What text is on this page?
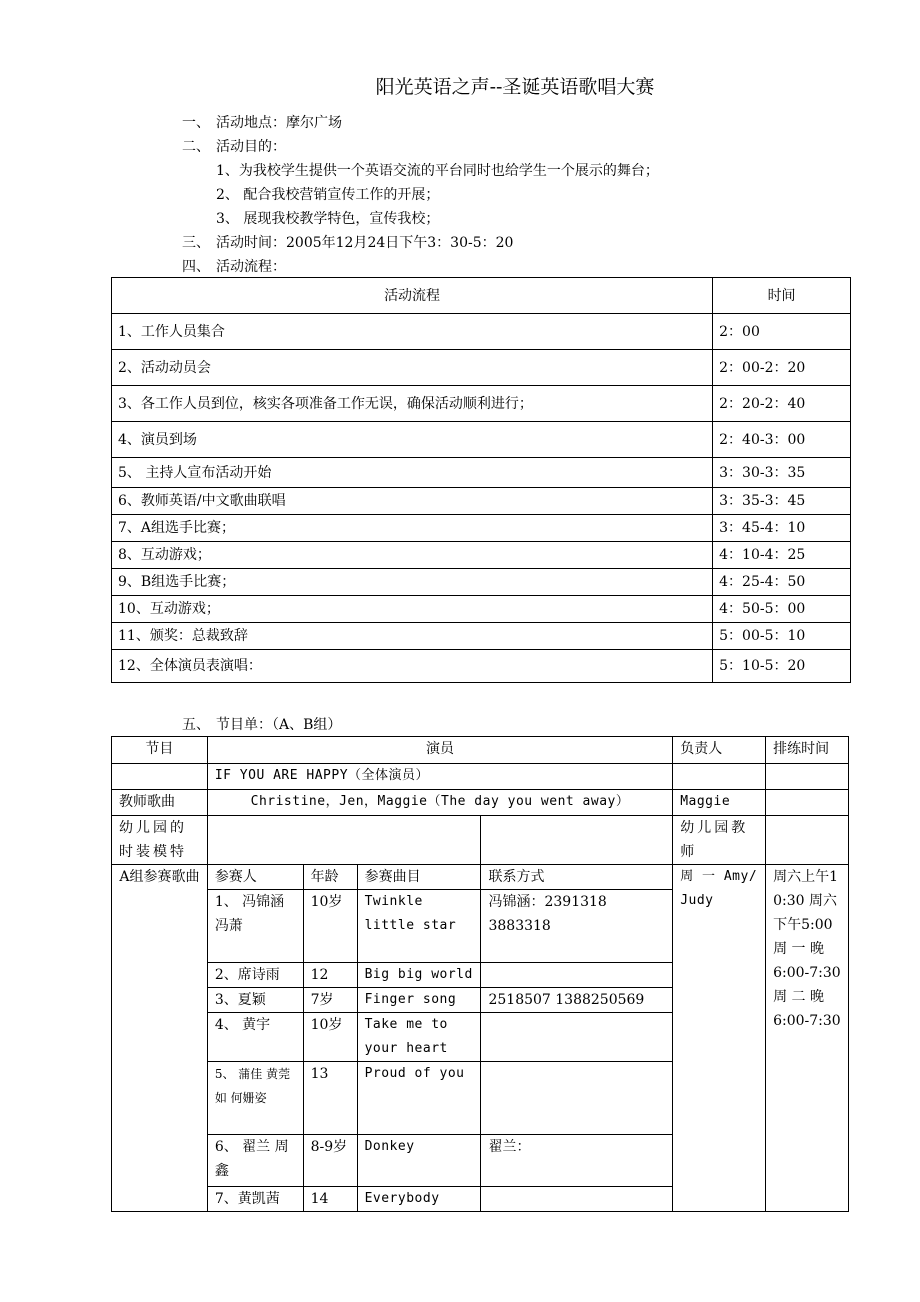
阳光英语之声--圣诞英语歌唱大赛
一、 活动地点：摩尔广场
二、 活动目的：
1、为我校学生提供一个英语交流的平台同时也给学生一个展示的舞台；
2、 配合我校营销宣传工作的开展；
3、 展现我校教学特色，宣传我校；
三、 活动时间：2005年12月24日下午3：30-5：20
四、 活动流程：
活动流程	时间
1、工作人员集合	2：00
2、活动动员会	2：00-2：20
3、各工作人员到位，核实各项准备工作无误，确保活动顺利进行；	2：20-2：40
4、演员到场	2：40-3：00
5、 主持人宣布活动开始	3：30-3：35
6、教师英语/中文歌曲联唱	3：35-3：45
7、A组选手比赛；	3：45-4：10
8、互动游戏；	4：10-4：25
9、B组选手比赛；	4：25-4：50
10、互动游戏；	4：50-5：00
11、颁奖：总裁致辞	5：00-5：10
12、全体演员表演唱：	5：10-5：20
五、 节目单：（A、B组）
节目	演员				负责人	排练时间
	IF YOU ARE HAPPY（全体演员）					
教师歌曲	Christine，Jen，Maggie（The day you went away）				Maggie	
幼儿园的时装模特					幼儿园教师	
A组参赛歌曲	参赛人	年龄	参赛曲目	联系方式	周 一 Amy/Judy	周六上午10:30 周六下午5:00 周 一 晚 6:00-7:30 周 二 晚 6:00-7:30
	1、 冯锦涵 冯萧	10岁	Twinkle little star	冯锦涵：2391318 3883318		
	2、席诗雨	12	Big big world			
	3、夏颖	7岁	Finger song	2518507 1388250569		
	4、 黄宇	10岁	Take me to your heart			
	5、 蒲佳 黄莞如 何姗姿	13	Proud of you			
	6、 翟兰 周鑫	8-9岁	Donkey	翟兰：		
	7、黄凯茜	14	Everybody			
